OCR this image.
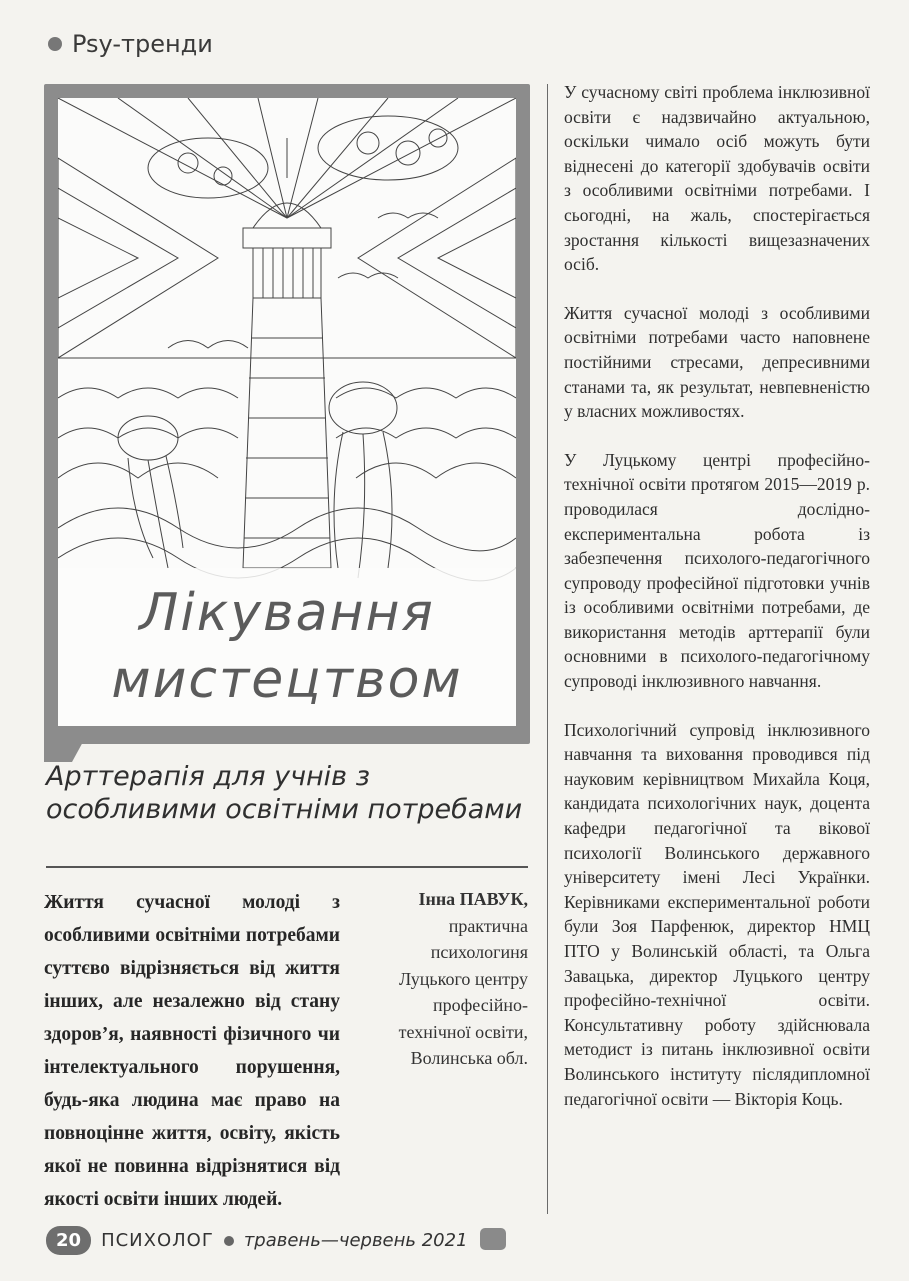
Psy-тренди
Лікування
мистецтвом
Арттерапія для учнів з особливими освітніми потребами
Життя сучасної молоді з особливими освітніми потребами суттєво відрізняється від життя інших, але незалежно від стану здоров’я, наявності фізичного чи інтелектуального порушення, будь-яка людина має право на повноцінне життя, освіту, якість якої не повинна відрізнятися від якості освіти інших людей.
Інна ПАВУК,
практична
психологиня
Луцького центру
професійно-
технічної освіти,
Волинська обл.

У сучасному світі проблема інклюзивної освіти є надзвичайно актуальною, оскільки чимало осіб можуть бути віднесені до категорії здобувачів освіти з особливими освітніми потребами. І сьогодні, на жаль, спостерігається зростання кількості вищезазначених осіб.

Життя сучасної молоді з особливими освітніми потребами часто наповнене постійними стресами, депресивними станами та, як результат, невпевненістю у власних можливостях.

У Луцькому центрі професійно-технічної освіти протягом 2015—2019 р. проводилася дослідно-експериментальна робота із забезпечення психолого-педагогічного супроводу професійної підготовки учнів із особливими освітніми потребами, де використання методів арттерапії були основними в психолого-педагогічному супроводі інклюзивного навчання.

Психологічний супровід інклюзивного навчання та виховання проводився під науковим керівництвом Михайла Коця, кандидата психологічних наук, доцента кафедри педагогічної та вікової психології Волинського державного університету імені Лесі Українки. Керівниками експериментальної роботи були Зоя Парфенюк, директор НМЦ ПТО у Волинській області, та Ольга Завацька, директор Луцького центру професійно-технічної освіти. Консультативну роботу здійснювала методист із питань інклюзивної освіти Волинського інституту післядипломної педагогічної освіти — Вікторія Коць.

20	ПСИХОЛОГ травень—червень 2021
